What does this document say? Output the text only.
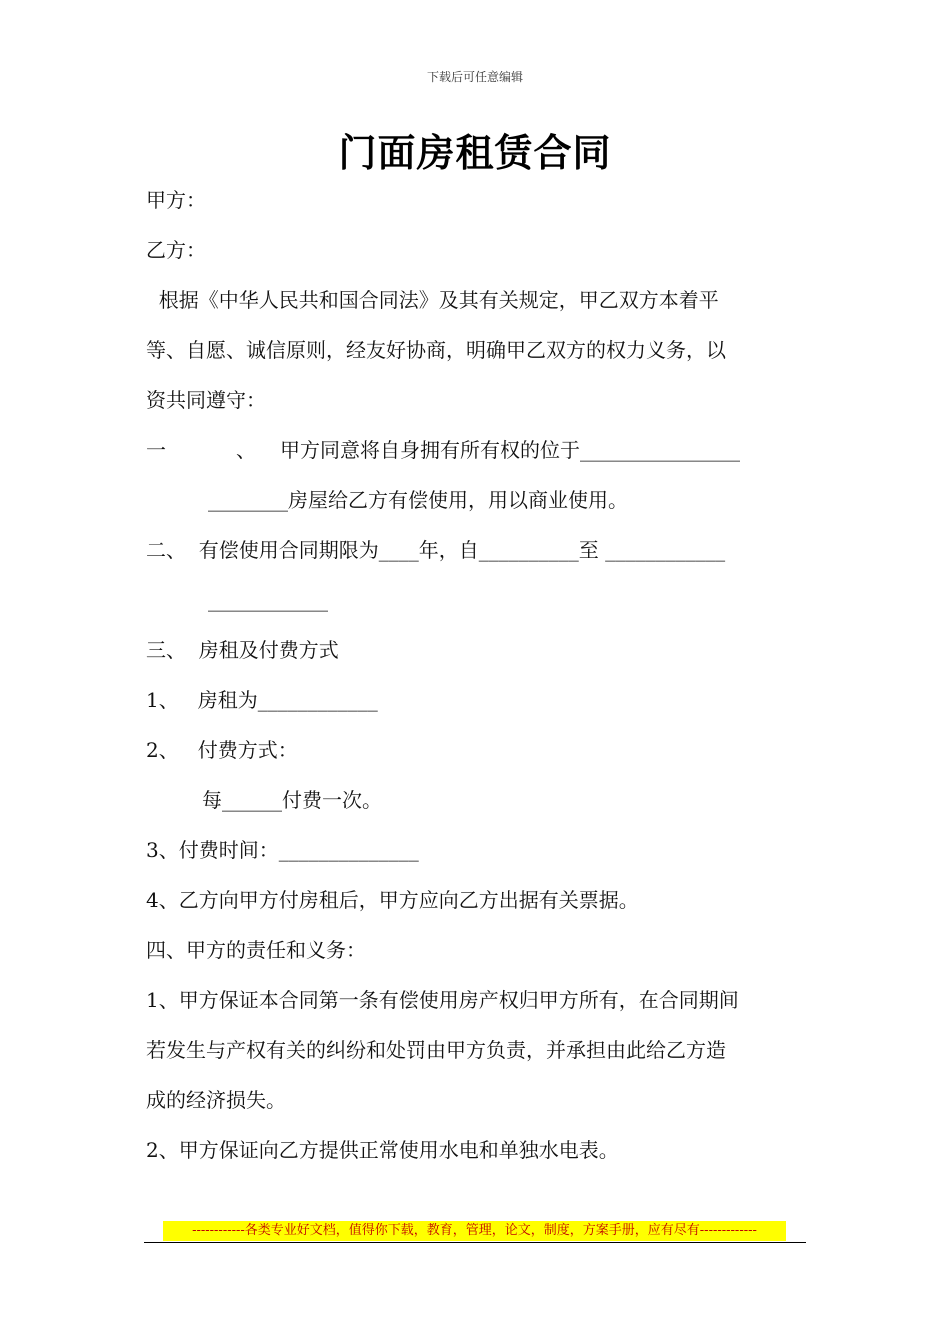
下载后可任意编辑
门面房租赁合同
甲方：
乙方：
根据《中华人民共和国合同法》及其有关规定，甲乙双方本着平
等、自愿、诚信原则，经友好协商，明确甲乙双方的权力义务，以
资共同遵守：
一	、 甲方同意将自身拥有所有权的位于________________
________房屋给乙方有偿使用，用以商业使用。
二、  有偿使用合同期限为____年，自__________至 ____________
____________
三、  房租及付费方式
1、   房租为____________
2、   付费方式：
每______付费一次。
3、付费时间：______________
4、乙方向甲方付房租后，甲方应向乙方出据有关票据。
四、甲方的责任和义务：
1、甲方保证本合同第一条有偿使用房产权归甲方所有，在合同期间
若发生与产权有关的纠纷和处罚由甲方负责，并承担由此给乙方造
成的经济损失。
2、甲方保证向乙方提供正常使用水电和单独水电表。
------------各类专业好文档，值得你下载，教育，管理，论文，制度，方案手册，应有尽有-------------
